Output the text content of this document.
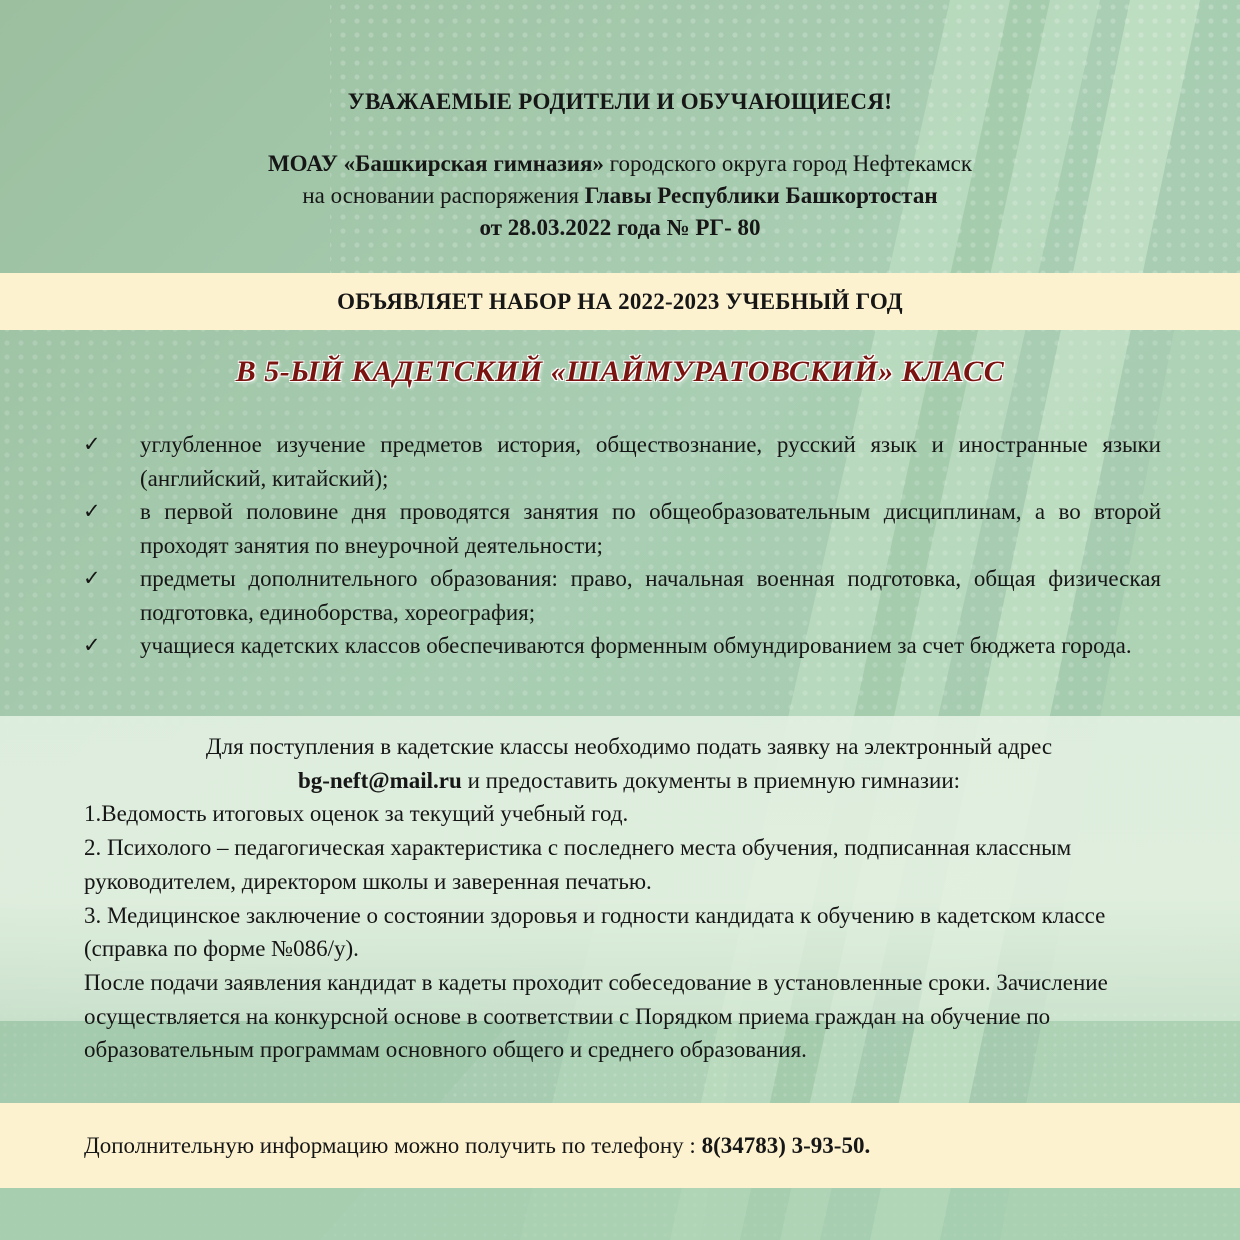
УВАЖАЕМЫЕ РОДИТЕЛИ И ОБУЧАЮЩИЕСЯ!
МОАУ «Башкирская гимназия» городского округа город Нефтекамск
на основании распоряжения Главы Республики Башкортостан
от 28.03.2022 года № РГ- 80
ОБЪЯВЛЯЕТ НАБОР НА 2022-2023 УЧЕБНЫЙ ГОД
В 5-ЫЙ КАДЕТСКИЙ «ШАЙМУРАТОВСКИЙ» КЛАСС
✓ углубленное изучение предметов история, обществознание, русский язык и иностранные языки (английский, китайский);
✓ в первой половине дня проводятся занятия по общеобразовательным дисциплинам, а во второй проходят занятия по внеурочной деятельности;
✓ предметы дополнительного образования: право, начальная военная подготовка, общая физическая подготовка, единоборства, хореография;
✓ учащиеся кадетских классов обеспечиваются форменным обмундированием за счет бюджета города.
Для поступления в кадетские классы необходимо подать заявку на электронный адрес
bg-neft@mail.ru и предоставить документы в приемную гимназии:
1.Ведомость итоговых оценок за текущий учебный год.
2. Психолого – педагогическая характеристика с последнего места обучения, подписанная классным руководителем, директором школы и заверенная печатью.
3. Медицинское заключение о состоянии здоровья и годности кандидата к обучению в кадетском классе (справка по форме №086/у).
После подачи заявления кандидат в кадеты проходит собеседование в установленные сроки. Зачисление осуществляется на конкурсной основе в соответствии с Порядком приема граждан на обучение по образовательным программам основного общего и среднего образования.
Дополнительную информацию можно получить по телефону : 8(34783) 3-93-50.
